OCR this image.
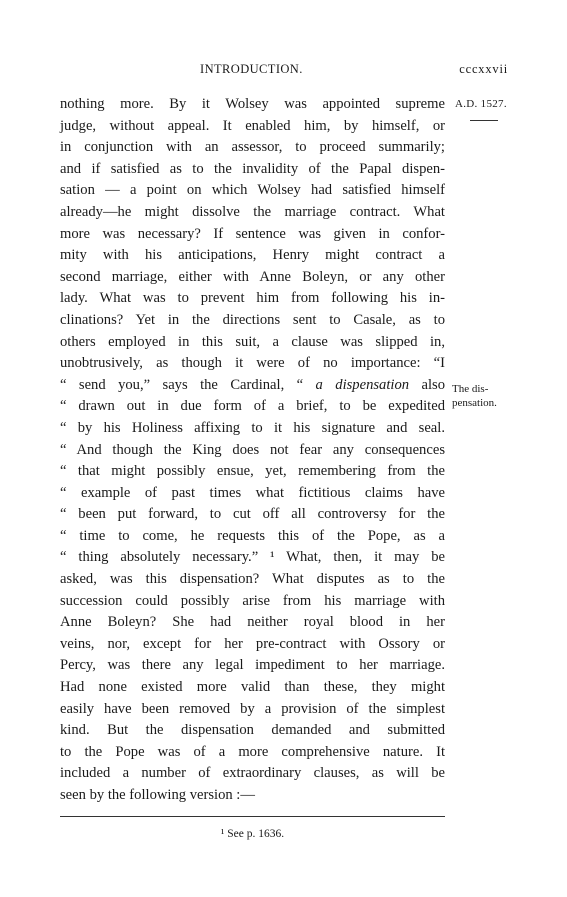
INTRODUCTION.	cccxxvii
A.D. 1527.
The dis-
pensation.
nothing more. By it Wolsey was appointed supreme
judge, without appeal. It enabled him, by himself, or
in conjunction with an assessor, to proceed summarily;
and if satisfied as to the invalidity of the Papal dispen-
sation — a point on which Wolsey had satisfied himself
already—he might dissolve the marriage contract. What
more was necessary? If sentence was given in confor-
mity with his anticipations, Henry might contract a
second marriage, either with Anne Boleyn, or any other
lady. What was to prevent him from following his in-
clinations? Yet in the directions sent to Casale, as to
others employed in this suit, a clause was slipped in,
unobtrusively, as though it were of no importance: “I
“ send you,” says the Cardinal, “ a dispensation also
“ drawn out in due form of a brief, to be expedited
“ by his Holiness affixing to it his signature and seal.
“ And though the King does not fear any consequences
“ that might possibly ensue, yet, remembering from the
“ example of past times what fictitious claims have
“ been put forward, to cut off all controversy for the
“ time to come, he requests this of the Pope, as a
“ thing absolutely necessary.” ¹ What, then, it may be
asked, was this dispensation? What disputes as to the
succession could possibly arise from his marriage with
Anne Boleyn? She had neither royal blood in her
veins, nor, except for her pre-contract with Ossory or
Percy, was there any legal impediment to her marriage.
Had none existed more valid than these, they might
easily have been removed by a provision of the simplest
kind. But the dispensation demanded and submitted
to the Pope was of a more comprehensive nature. It
included a number of extraordinary clauses, as will be
seen by the following version :—
¹ See p. 1636.
